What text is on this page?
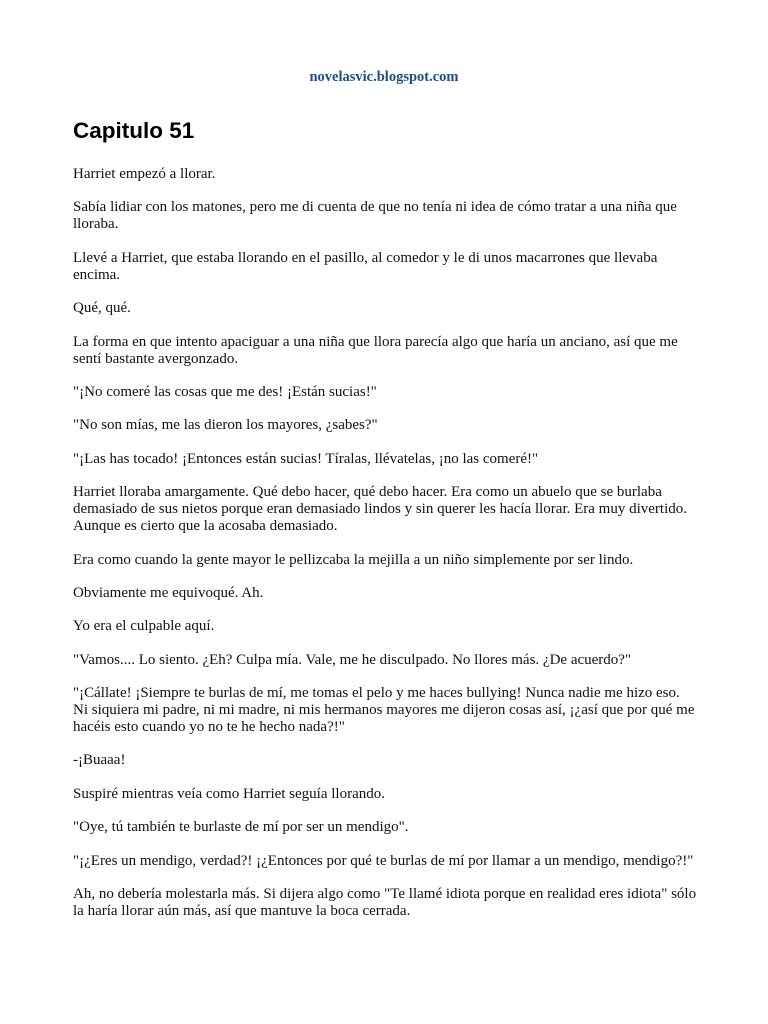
novelasvic.blogspot.com
Capitulo 51

Harriet empezó a llorar.

Sabía lidiar con los matones, pero me di cuenta de que no tenía ni idea de cómo tratar a una niña que lloraba.

Llevé a Harriet, que estaba llorando en el pasillo, al comedor y le di unos macarrones que llevaba encima.

Qué, qué.

La forma en que intento apaciguar a una niña que llora parecía algo que haría un anciano, así que me sentí bastante avergonzado.

"¡No comeré las cosas que me des! ¡Están sucias!"

"No son mías, me las dieron los mayores, ¿sabes?"

"¡Las has tocado! ¡Entonces están sucias! Tíralas, llévatelas, ¡no las comeré!"

Harriet lloraba amargamente. Qué debo hacer, qué debo hacer. Era como un abuelo que se burlaba demasiado de sus nietos porque eran demasiado lindos y sin querer les hacía llorar. Era muy divertido. Aunque es cierto que la acosaba demasiado.

Era como cuando la gente mayor le pellizcaba la mejilla a un niño simplemente por ser lindo.

Obviamente me equivoqué. Ah.

Yo era el culpable aquí.

"Vamos.... Lo siento. ¿Eh? Culpa mía. Vale, me he disculpado. No llores más. ¿De acuerdo?"

"¡Cállate! ¡Siempre te burlas de mí, me tomas el pelo y me haces bullying! Nunca nadie me hizo eso. Ni siquiera mi padre, ni mi madre, ni mis hermanos mayores me dijeron cosas así, ¡¿así que por qué me hacéis esto cuando yo no te he hecho nada?!"

-¡Buaaa!

Suspiré mientras veía como Harriet seguía llorando.

"Oye, tú también te burlaste de mí por ser un mendigo".

"¡¿Eres un mendigo, verdad?! ¡¿Entonces por qué te burlas de mí por llamar a un mendigo, mendigo?!"

Ah, no debería molestarla más. Si dijera algo como "Te llamé idiota porque en realidad eres idiota" sólo la haría llorar aún más, así que mantuve la boca cerrada.
